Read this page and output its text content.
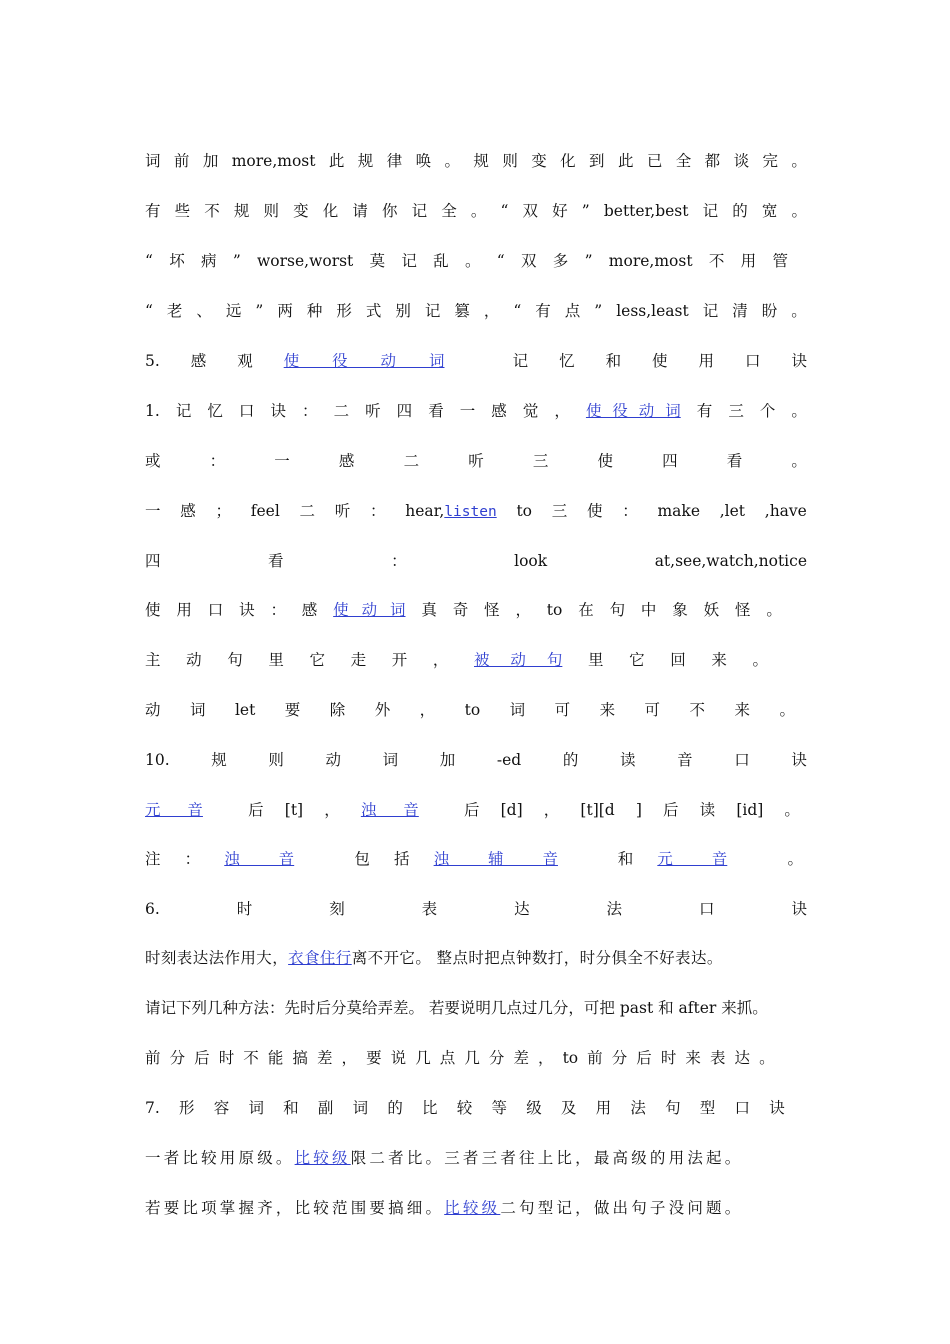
词 前 加 more,most 此 规 律 唤 。 规 则 变 化 到 此 已 全 都 谈 完 。
有 些 不 规 则 变 化 请 你 记 全 。 “ 双 好 ” better,best 记 的 宽 。
“ 坏 病 ” worse,worst 莫 记 乱 。 “ 双 多 ” more,most 不 用 管
“ 老 、 远 ” 两 种 形 式 别 记 篡 ， “ 有 点 ” less,least 记 清 盼 。
5. 感 观 使 役 动 词	记 忆 和 使 用 口 诀
1. 记 忆 口 诀 ： 二 听 四 看 一 感 觉 ， 使 役 动 词 有 三 个 。
或	：	一	感	二	听	三	使	四	看	。
一 感 ； feel 二 听 ： hear,listen to 三 使 ： make ,let ,have
四	看	：	look	at,see,watch,notice
使 用 口 诀 ： 感 使 动 词 真 奇 怪 ， to 在 句 中 象 妖 怪 。
主 动 句 里 它 走 开 ， 被 动 句 里 它 回 来 。
动 词 let 要 除 外 ， to 词 可 来 可 不 来 。
10.	规	则	动	词	加	-ed	的	读	音	口	诀
元 音	后 [t] ， 浊 音	后 [d] ， [t][d ] 后 读 [id] 。
注 ： 浊 音	包 括 浊 辅 音	和 元 音	。
6.	时	刻	表	达	法	口	诀
时刻表达法作用大，衣食住行离不开它。 整点时把点钟数打，时分俱全不好表达。
请记下列几种方法：先时后分莫给弄差。 若要说明几点过几分，可把 past 和 after 来抓。
前 分 后 时 不 能 搞 差 ， 要 说 几 点 几 分 差 ， to 前 分 后 时 来 表 达 。
7. 形 容 词 和 副 词 的 比 较 等 级 及 用 法 句 型 口 诀
一者比较用原级。比较级限二者比。三者三者往上比，最高级的用法起。
若要比项掌握齐，比较范围要搞细。比较级二句型记，做出句子没问题。
